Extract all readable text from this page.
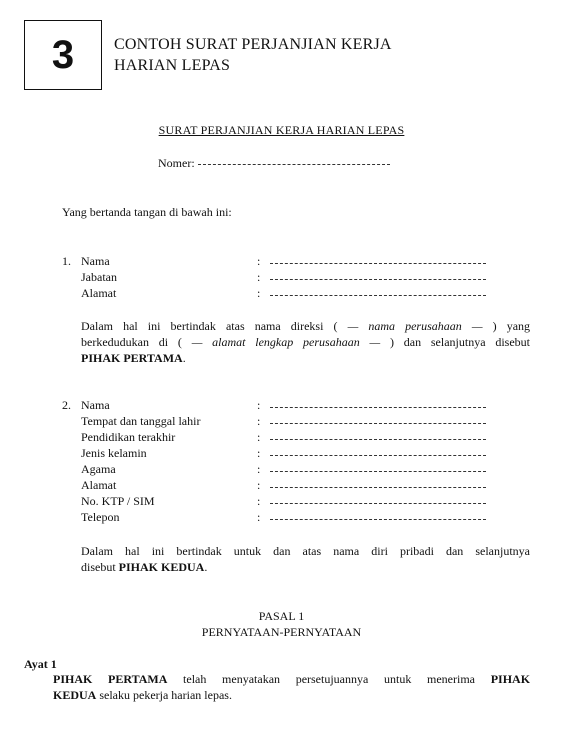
3 CONTOH SURAT PERJANJIAN KERJA
HARIAN LEPAS
SURAT PERJANJIAN KERJA HARIAN LEPAS
Nomer:
Yang bertanda tangan di bawah ini:
1. Nama	:
Jabatan	:
Alamat	:
Dalam hal ini bertindak atas nama direksi ( — nama perusahaan — ) yang
berkedudukan di ( — alamat lengkap perusahaan — ) dan selanjutnya disebut
PIHAK PERTAMA.
2. Nama	:
Tempat dan tanggal lahir	:
Pendidikan terakhir	:
Jenis kelamin	:
Agama	:
Alamat	:
No. KTP / SIM	:
Telepon	:
Dalam hal ini bertindak untuk dan atas nama diri pribadi dan selanjutnya
disebut PIHAK KEDUA.
PASAL 1
PERNYATAAN-PERNYATAAN
Ayat 1
PIHAK PERTAMA telah menyatakan persetujuannya untuk menerima PIHAK
KEDUA selaku pekerja harian lepas.
